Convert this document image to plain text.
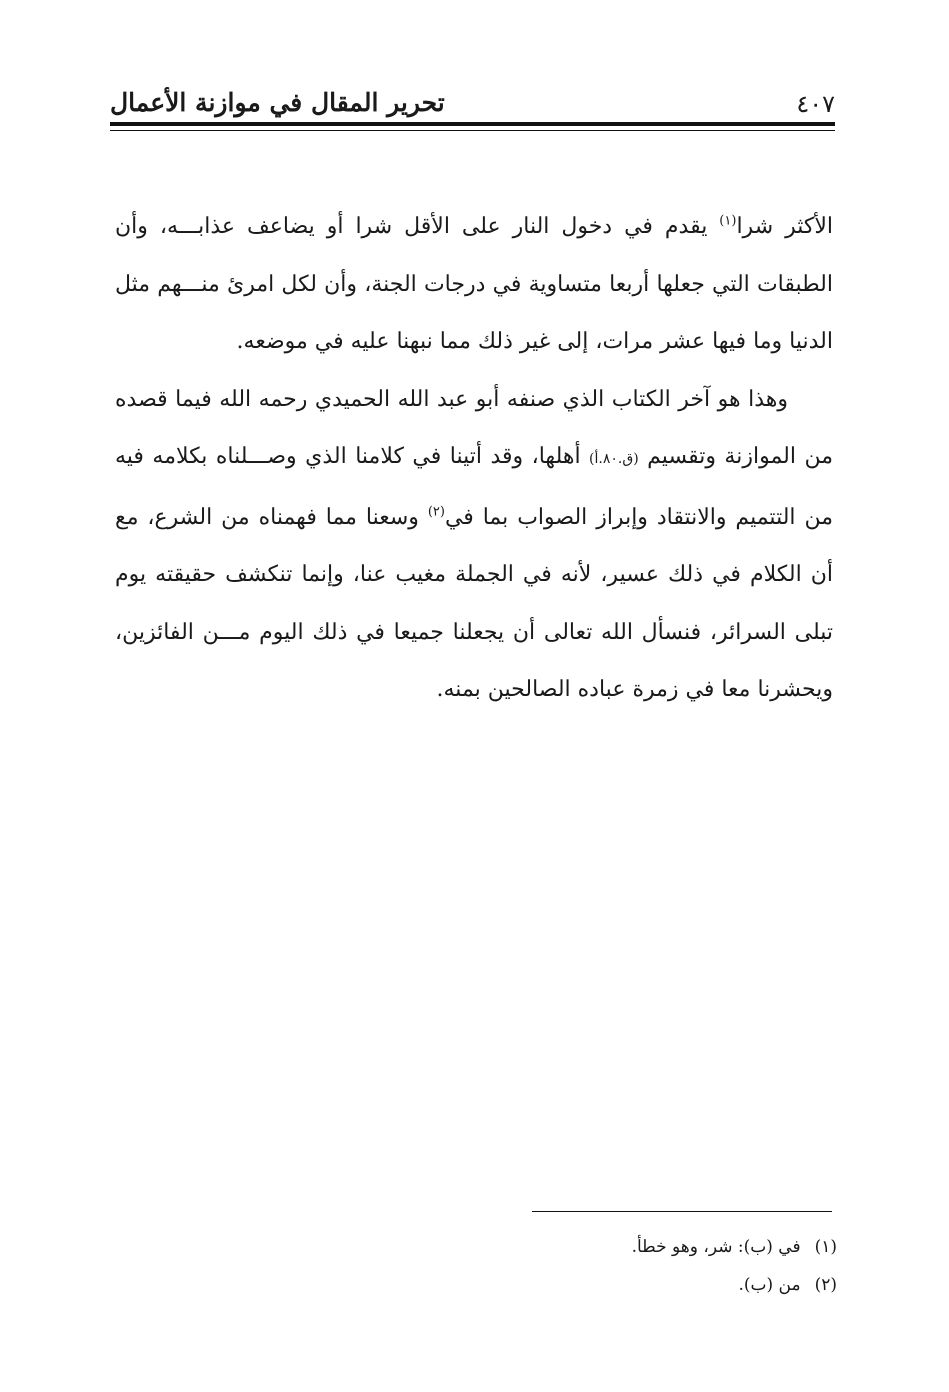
٤٠٧
تحرير المقال في موازنة الأعمال

الأكثر شرا$^{(١)}$ يقدم في دخول النار على الأقل شرا أو يضاعف عذابـــه، وأن الطبقات التي جعلها أربعا متساوية في درجات الجنة، وأن لكل امرئ منـــهم مثل الدنيا وما فيها عشر مرات، إلى غير ذلك مما نبهنا عليه في موضعه.

وهذا هو آخر الكتاب الذي صنفه أبو عبد الله الحميدي رحمه الله فيما قصده من الموازنة وتقسيم (ق.٨٠.أ) أهلها، وقد أتينا في كلامنا الذي وصـــلناه بكلامه فيه من التتميم والانتقاد وإبراز الصواب بما في$^{(٢)}$ وسعنا مما فهمناه من الشرع، مع أن الكلام في ذلك عسير، لأنه في الجملة مغيب عنا، وإنما تنكشف حقيقته يوم تبلى السرائر، فنسأل الله تعالى أن يجعلنا جميعا في ذلك اليوم مـــن الفائزين، ويحشرنا معا في زمرة عباده الصالحين بمنه.

(١)في (ب): شر، وهو خطأ.
(٢)من (ب).
